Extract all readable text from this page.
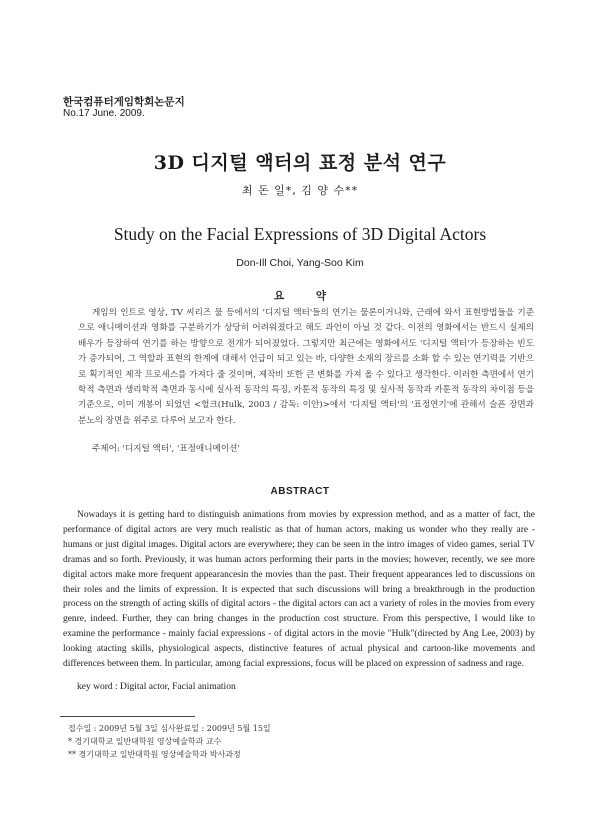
한국컴퓨터게임학회논문지
No.17 June. 2009.
3D 디지털 액터의 표정 분석 연구
최 돈 일*, 김 양 수**
Study on the Facial Expressions of 3D Digital Actors
Don-Ill Choi, Yang-Soo Kim
요 약

게임의 인트로 영상, TV 씨리즈 물 등에서의 '디지털 액터'들의 연기는 물론이거니와, 근래에 와서 표현방법들을 기준으로 애니메이션과 영화를 구분하기가 상당히 어려워졌다고 해도 과언이 아닐 것 같다. 이전의 영화에서는 반드시 실제의 배우가 등장하여 연기를 하는 방향으로 전개가 되어졌었다. 그렇지만 최근에는 영화에서도 '디지털 액터'가 등장하는 빈도가 증가되어, 그 역할과 표현의 한계에 대해서 언급이 되고 있는 바, 다양한 소재의 장르를 소화 할 수 있는 연기력을 기반으로 획기적인 제작 프로세스를 가져다 줄 것이며, 제작비 또한 큰 변화를 가져 올 수 있다고 생각한다. 이러한 측면에서 연기학적 측면과 생리학적 측면과 동시에 실사적 동작의 특징, 카툰적 동작의 특징 및 실사적 동작과 카툰적 동작의 차이점 등을 기준으로, 이미 개봉이 되었던 <헐크(Hulk, 2003 / 감독: 이안)>에서 '디지털 액터'의 '표정연기'에 관해서 슬픈 장면과 분노의 장면을 위주로 다루어 보고자 한다.

주제어: '디지털 액터', '표정애니메이션'
ABSTRACT

Nowadays it is getting hard to distinguish animations from movies by expression method, and as a matter of fact, the performance of digital actors are very much realistic as that of human actors, making us wonder who they really are - humans or just digital images. Digital actors are everywhere; they can be seen in the intro images of video games, serial TV dramas and so forth. Previously, it was human actors performing their parts in the movies; however, recently, we see more digital actors make more frequent appearancesin the movies than the past. Their frequent appearances led to discussions on their roles and the limits of expression. It is expected that such discussions will bring a breakthrough in the production process on the strength of acting skills of digital actors - the digital actors can act a variety of roles in the movies from every genre, indeed. Further, they can bring changes in the production cost structure. From this perspective, I would like to examine the performance - mainly facial expressions - of digital actors in the movie "Hulk"(directed by Ang Lee, 2003) by looking atacting skills, physiological aspects, distinctive features of actual physical and cartoon-like movements and differences between them. In particular, among facial expressions, focus will be placed on expression of sadness and rage.

key word : Digital actor, Facial animation
접수일 : 2009년 5월 3일 심사완료일 : 2009년 5월 15일
* 경기대학교 일반대학원 영상예술학과 교수
** 경기대학교 일반대학원 영상예술학과 박사과정
